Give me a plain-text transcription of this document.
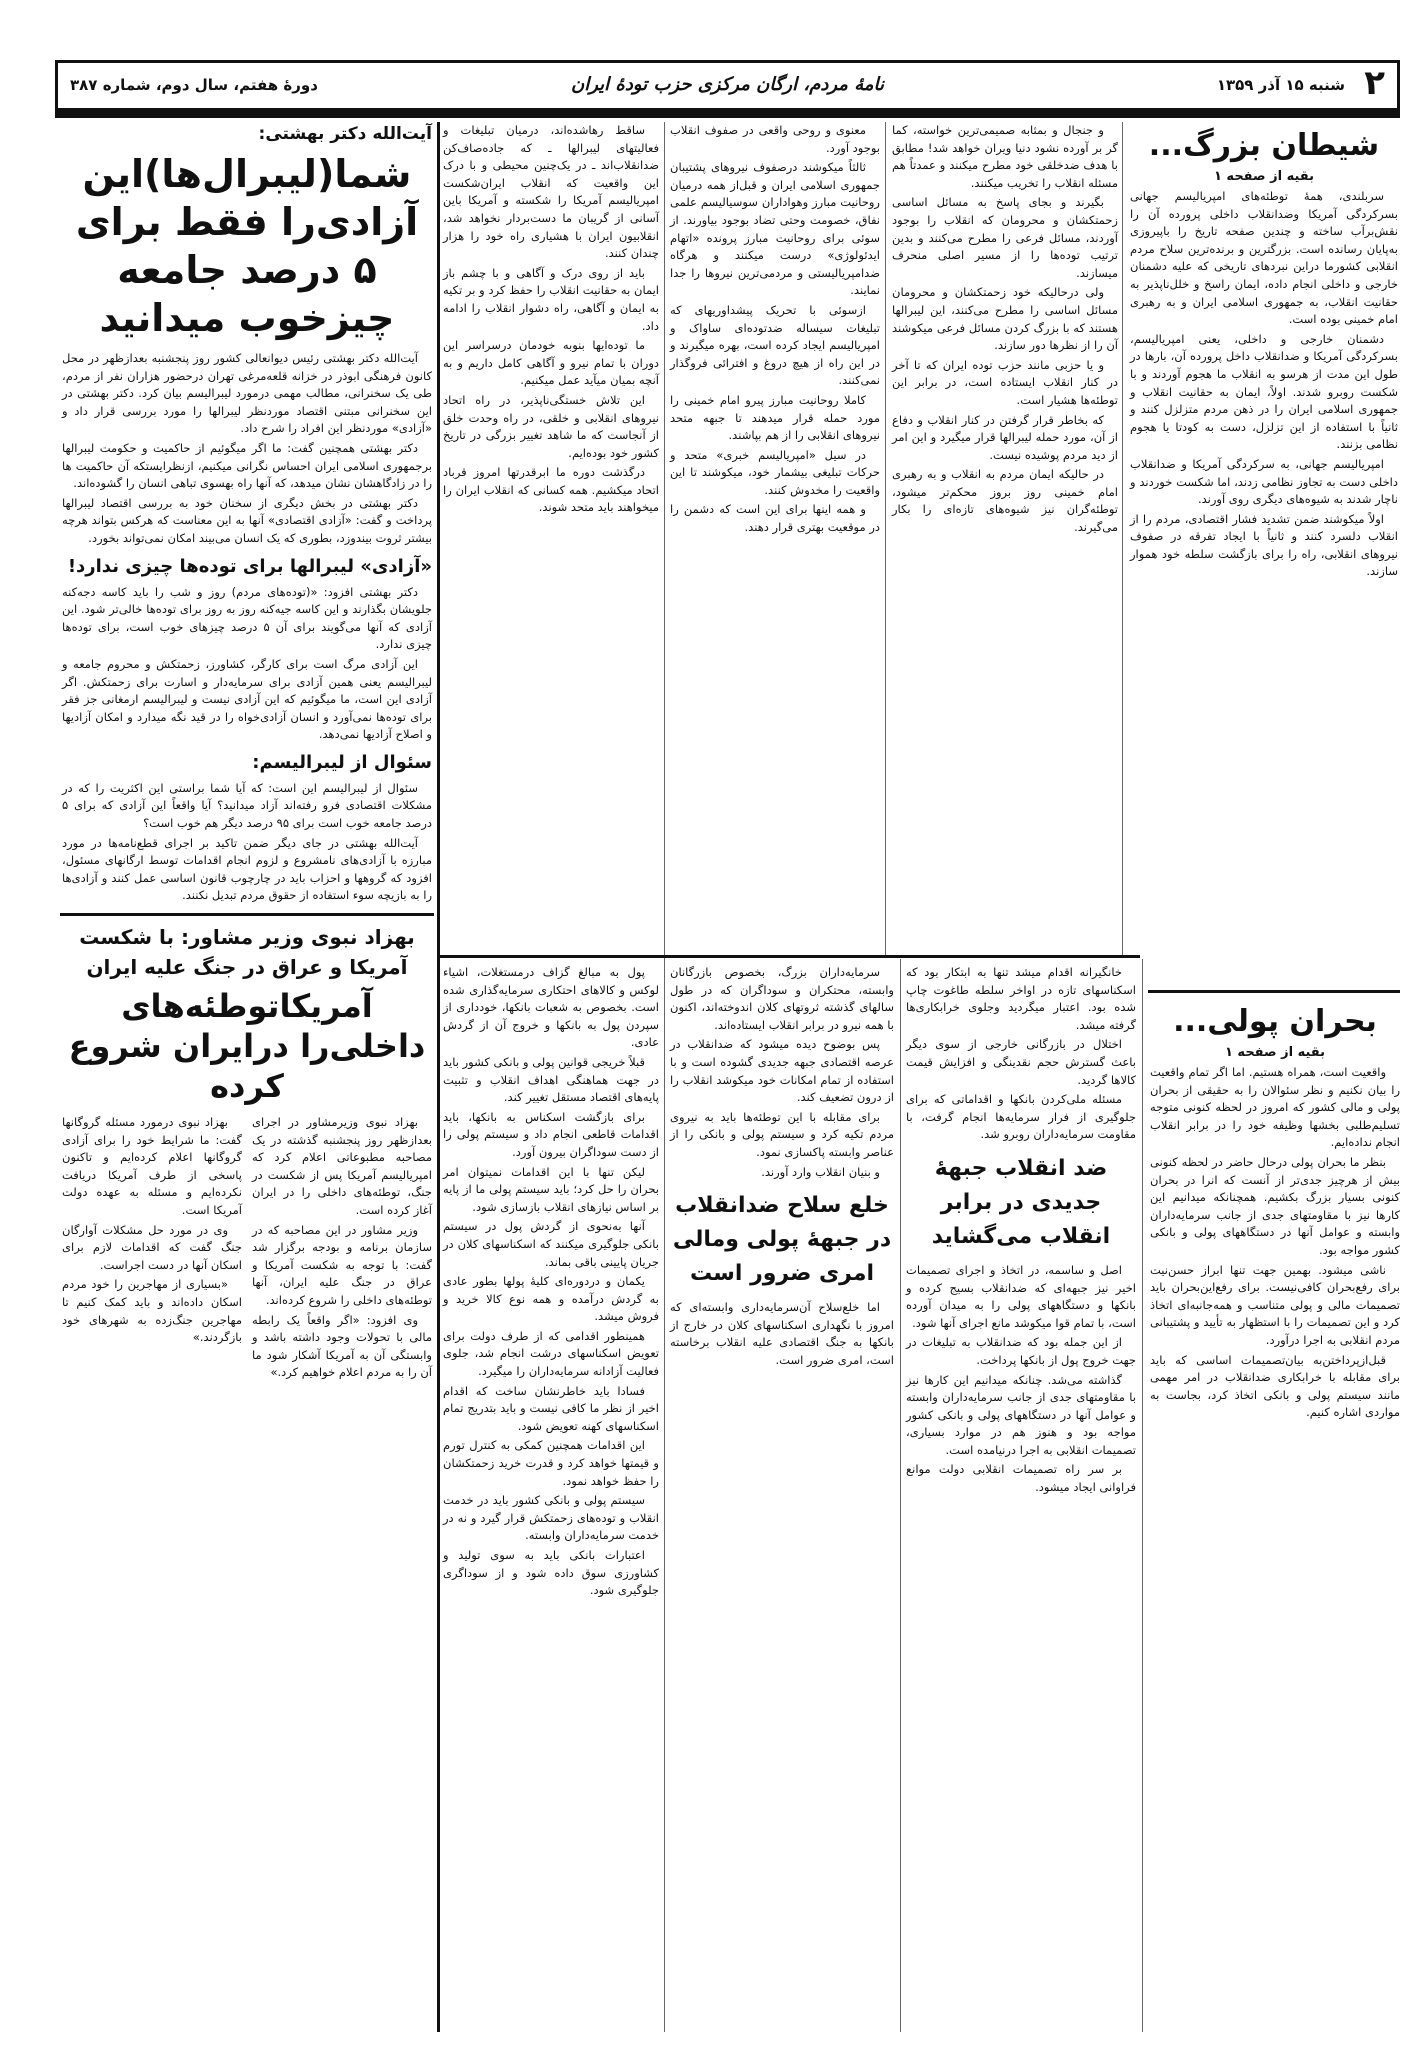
۲
شنبه ۱۵ آذر ۱۳۵۹
نامهٔ مردم، ارگان مرکزی حزب تودهٔ ایران
دورهٔ هفتم، سال دوم، شماره ۳۸۷
آیت‌الله دکتر بهشتی:
شما(لیبرال‌ها)این آزادی‌را فقط برای ۵ درصد جامعه چیزخوب میدانید

آیت‌الله دکتر بهشتی رئیس دیوانعالی کشور روز پنجشنبه بعدازظهر در محل کانون فرهنگی ابوذر در خزانه قلعه‌مرغی تهران درحضور هزاران نفر از مردم، طی یک سخنرانی، مطالب مهمی درمورد لیبرالیسم بیان کرد. دکتر بهشتی در این سخنرانی مبتنی اقتصاد موردنظر لیبرالها را مورد بررسی قرار داد و «آزادی» موردنظر این افراد را شرح داد.

دکتر بهشتی همچنین گفت: ما اگر میگوئیم از حاکمیت و حکومت لیبرالها برجمهوری اسلامی ایران احساس نگرانی میکنیم، ازنظرایستکه آن حاکمیت ها را در زادگاهشان نشان میدهد، که آنها راه بهسوی تباهی انسان را گشوده‌اند.

دکتر بهشتی در بخش دیگری از سخنان خود به بررسی اقتصاد لیبرالها پرداخت و گفت: «آزادی اقتصادی» آنها به این معناست که هرکس بتواند هرچه بیشتر ثروت بیندوزد، بطوری که یک انسان می‌بیند امکان نمی‌تواند بخورد.

«آزادی» لیبرالها برای توده‌ها چیزی ندارد!

دکتر بهشتی افزود: «(توده‌های مردم) روز و شب را باید کاسه دجه‌کنه جلویشان بگذارند و این کاسه جیه‌کنه روز به روز برای توده‌ها خالی‌تر شود. این آزادی که آنها می‌گویند برای آن ۵ درصد چیزهای خوب است، برای توده‌ها چیزی ندارد.

این آزادی مرگ است برای کارگر، کشاورز، زحمتکش و محروم جامعه و لیبرالیسم یعنی همین آزادی برای سرمایه‌دار و اسارت برای زحمتکش. اگر آزادی این است، ما میگوئیم که این آزادی نیست و لیبرالیسم ارمغانی جز فقر برای توده‌ها نمی‌آورد و انسان آزادی‌خواه را در قید نگه میدارد و امکان آزادیها و اصلاح آزادیها نمی‌دهد.

سئوال از لیبرالیسم:

سئوال از لیبرالیسم این است: که آیا شما براستی این اکثریت را که در مشکلات اقتصادی فرو رفته‌اند آزاد میدانید؟ آیا واقعاً این آزادی که برای ۵ درصد جامعه خوب است برای ۹۵ درصد دیگر هم خوب است؟

آیت‌الله بهشتی در جای دیگر ضمن تاکید بر اجرای قطع‌نامه‌ها در مورد مبارزه با آزادی‌های نامشروع و لزوم انجام اقدامات توسط ارگانهای مسئول، افزود که گروهها و احزاب باید در چارچوب قانون اساسی عمل کنند و آزادی‌ها را به بازیچه سوء استفاده از حقوق مردم تبدیل نکنند.

بهزاد نبوی وزیر مشاور: با شکست آمریکا و عراق در جنگ علیه ایران
آمریکاتوطئه‌های داخلی‌را درایران شروع کرده

بهزاد نبوی وزیرمشاور در اجرای بعدازظهر روز پنجشنبه گذشته در یک مصاحبه مطبوعاتی اعلام کرد که امپریالیسم آمریکا پس از شکست در جنگ، توطئه‌های داخلی را در ایران آغاز کرده است.

وزیر مشاور در این مصاحبه که در سازمان برنامه و بودجه برگزار شد گفت: با توجه به شکست آمریکا و عراق در جنگ علیه ایران، آنها توطئه‌های داخلی را شروع کرده‌اند.

وی افزود: «اگر واقعاً یک رابطه مالی با تحولات وجود داشته باشد و وابستگی آن به آمریکا آشکار شود ما آن را به مردم اعلام خواهیم کرد.»

بهزاد نبوی درمورد مسئله گروگانها گفت: ما شرایط خود را برای آزادی گروگانها اعلام کرده‌ایم و تاکنون پاسخی از طرف آمریکا دریافت نکرده‌ایم و مسئله به عهده دولت آمریکا است.

وی در مورد حل مشکلات آوارگان جنگ گفت که اقدامات لازم برای اسکان آنها در دست اجراست.

«بسیاری از مهاجرین را خود مردم اسکان داده‌اند و باید کمک کنیم تا مهاجرین جنگ‌زده به شهرهای خود بازگردند.»

شیطان بزرگ...
بقیه از صفحه ۱

سربلندی، همهٔ توطئه‌های امپریالیسم جهانی بسرکردگی آمریکا وضدانقلاب داخلی پرورده آن را نقش‌برآب ساخته و چندین صفحه تاریخ را باپیروزی به‌پایان رسانده است. بزرگترین و برنده‌ترین سلاح مردم انقلابی کشورما دراین نبردهای تاریخی که علیه دشمنان خارجی و داخلی انجام داده، ایمان راسخ و خلل‌ناپذیر به حقانیت انقلاب، به جمهوری اسلامی ایران و به رهبری امام خمینی بوده است.

دشمنان خارجی و داخلی، یعنی امپریالیسم، بسرکردگی آمریکا و ضدانقلاب داخل پرورده آن، بارها در طول این مدت از هرسو به انقلاب ما هجوم آوردند و با شکست روبرو شدند. اولاً، ایمان به حقانیت انقلاب و جمهوری اسلامی ایران را در ذهن مردم متزلزل کنند و ثانیاً با استفاده از این تزلزل، دست به کودتا یا هجوم نظامی بزنند.

امپریالیسم جهانی، به سرکردگی آمریکا و ضدانقلاب داخلی دست به تجاوز نظامی زدند، اما شکست خوردند و ناچار شدند به شیوه‌های دیگری روی آورند.

اولاً میکوشند ضمن تشدید فشار اقتصادی، مردم را از انقلاب دلسرد کنند و ثانیاً با ایجاد تفرقه در صفوف نیروهای انقلابی، راه را برای بازگشت سلطه خود هموار سازند.

و جنجال و بمثابه صمیمی‌ترین خواسته، کما گر بر آورده نشود دنیا ویران خواهد شد! مطابق با هدف ضدخلقی خود مطرح میکنند و عمدتاً هم مسئله انقلاب را تخریب میکنند.

بگیرند و بجای پاسخ به مسائل اساسی زحمتکشان و محرومان که انقلاب را بوجود آوردند، مسائل فرعی را مطرح می‌کنند و بدین ترتیب توده‌ها را از مسیر اصلی منحرف میسازند.

ولی درحالیکه خود زحمتکشان و محرومان مسائل اساسی را مطرح می‌کنند، این لیبرالها هستند که با بزرگ کردن مسائل فرعی میکوشند آن را از نظرها دور سازند.

و یا حزبی مانند حزب توده ایران که تا آخر در کنار انقلاب ایستاده است، در برابر این توطئه‌ها هشیار است.

که بخاطر قرار گرفتن در کنار انقلاب و دفاع از آن، مورد حمله لیبرالها قرار میگیرد و این امر از دید مردم پوشیده نیست.

در حالیکه ایمان مردم به انقلاب و به رهبری امام خمینی روز بروز محکم‌تر میشود، توطئه‌گران نیز شیوه‌های تازه‌ای را بکار می‌گیرند.

معنوی و روحی واقعی در صفوف انقلاب بوجود آورد.

ثالثاً میکوشند درصفوف نیروهای پشتیبان جمهوری اسلامی ایران و قبل‌از همه درمیان روحانیت مبارز وهواداران سوسیالیسم علمی نفاق، خصومت وحتی تضاد بوجود بیاورند. از سوئی برای روحانیت مبارز پرونده «اتهام ایدئولوژی» درست میکنند و هرگاه ضدامپریالیستی و مردمی‌ترین نیروها را جدا نمایند.

ازسوئی با تحریک پیشداوریهای که تبلیغات سیساله ضدتوده‌ای ساواک و امپریالیسم ایجاد کرده است، بهره میگیرند و در این راه از هیچ دروغ و افترائی فروگذار نمی‌کنند.

کاملا روحانیت مبارز پیرو امام خمینی را مورد حمله قرار میدهند تا جبهه متحد نیروهای انقلابی را از هم بپاشند.

در سیل «امپریالیسم خبری» متحد و حرکات تبلیغی بیشمار خود، میکوشند تا این واقعیت را مخدوش کنند.

و همه اینها برای این است که دشمن را در موقعیت بهتری قرار دهند.

ساقط رهاشده‌اند، درمیان تبلیغات و فعالیتهای لیبرالها ـ که جاده‌صاف‌کن ضدانقلاب‌اند ـ در یک‌چنین محیطی و با درک این واقعیت که انقلاب ایران‌شکست امپریالیسم آمریکا را شکسته و آمریکا باین آسانی از گریبان ما دست‌بردار نخواهد شد، انقلابیون ایران با هشیاری راه خود را هزار چندان کنند.

باید از روی درک و آگاهی و با چشم باز ایمان به حقانیت انقلاب را حفظ کرد و بر تکیه به ایمان و آگاهی، راه دشوار انقلاب را ادامه داد.

ما توده‌ایها بنوبه خودمان درسراسر این دوران با تمام نیرو و آگاهی کامل داریم و به آنچه بمیان میآید عمل میکنیم.

این تلاش خستگی‌ناپذیر، در راه اتحاد نیروهای انقلابی و خلقی، در راه وحدت خلق از آنجاست که ما شاهد تغییر بزرگی در تاریخ کشور خود بوده‌ایم.

درگذشت دوره ما ابرقدرتها امروز قرباد اتحاد میکشیم. همه کسانی که انقلاب ایران را میخواهند باید متحد شوند.

بحران پولی...
بقیه از صفحه ۱

واقعیت است، همراه هستیم. اما اگر تمام واقعیت را بیان نکنیم و نظر سئوالان را به حقیقی از بحران پولی و مالی کشور که امروز در لحظه کنونی متوجه تسلیم‌طلبی بخشها وظیفه خود را در برابر انقلاب انجام نداده‌ایم.

بنظر ما بحران پولی درحال حاضر در لحظه کنونی بیش از هرچیز جدی‌تر از آنست که انرا در بحران کنونی بسیار بزرگ بکشیم. همچنانکه میدانیم این کارها نیز با مقاومتهای جدی از جانب سرمایه‌داران وابسته و عوامل آنها در دستگاههای پولی و بانکی کشور مواجه بود.

ناشی میشود. بهمین جهت تنها ابراز حسن‌نیت برای رفع‌بحران کافی‌نیست. برای رفع‌این‌بحران باید تصمیمات مالی و پولی متناسب و همه‌جانبه‌ای اتخاذ کرد و این تصمیمات را با استظهار به تأیید و پشتیبانی مردم انقلابی به اجرا درآورد.

قبل‌ازپرداختن‌به بیان‌تصمیمات اساسی که باید برای مقابله با خرابکاری ضدانقلاب در امر مهمی مانند سیستم پولی و بانکی اتخاذ کرد، بجاست به مواردی اشاره کنیم.

خانگیرانه اقدام میشد تنها به ابتکار بود که اسکناسهای تازه در اواخر سلطه طاغوت چاپ شده بود. اعتبار میگردید وجلوی خرابکاری‌ها گرفته میشد.

اختلال در بازرگانی خارجی از سوی دیگر باعث گسترش حجم نقدینگی و افزایش قیمت کالاها گردید.

مسئله ملی‌کردن بانکها و اقداماتی که برای جلوگیری از فرار سرمایه‌ها انجام گرفت، با مقاومت سرمایه‌داران روبرو شد.

ضد انقلاب جبههٔ جدیدی در برابر انقلاب می‌گشاید

اصل و ساسمه، در اتخاذ و اجرای تصمیمات اخیر نیز جبهه‌ای که ضدانقلاب بسیج کرده و بانکها و دستگاههای پولی را به میدان آورده است، با تمام قوا میکوشد مانع اجرای آنها شود.

از این جمله بود که ضدانقلاب به تبلیغات در جهت خروج پول از بانکها پرداخت.

گذاشته می‌شد. چنانکه میدانیم این کارها نیز با مقاومتهای جدی از جانب سرمایه‌داران وابسته و عوامل آنها در دستگاههای پولی و بانکی کشور مواجه بود و هنوز هم در موارد بسیاری، تصمیمات انقلابی به اجرا درنیامده است.

بر سر راه تصمیمات انقلابی دولت موانع فراوانی ایجاد میشود.

سرمایه‌داران بزرگ، بخصوص بازرگانان وابسته، محتکران و سوداگران که در طول سالهای گذشته ثروتهای کلان اندوخته‌اند، اکنون با همه نیرو در برابر انقلاب ایستاده‌اند.

پس بوضوح دیده میشود که ضدانقلاب در عرصه اقتصادی جبهه جدیدی گشوده است و با استفاده از تمام امکانات خود میکوشد انقلاب را از درون تضعیف کند.

برای مقابله با این توطئه‌ها باید به نیروی مردم تکیه کرد و سیستم پولی و بانکی را از عناصر وابسته پاکسازی نمود.

و بنیان انقلاب وارد آورند.

خلع سلاح ضدانقلاب در جبههٔ پولی ومالی امری ضرور است

اما خلع‌سلاح آن‌سرمایه‌داری وابسته‌ای که امروز با نگهداری اسکناسهای کلان در خارج از بانکها به جنگ اقتصادی علیه انقلاب برخاسته است، امری ضرور است.

پول به مبالغ گزاف درمستغلات، اشیاء لوکس و کالاهای احتکاری سرمایه‌گذاری شده است. بخصوص به شعبات بانکها، خودداری از سپردن پول به بانکها و خروج آن از گردش عادی.

قبلاً خریجی قوانین پولی و بانکی کشور باید در جهت هماهنگی اهداف انقلاب و تثبیت پایه‌های اقتصاد مستقل تغییر کند.

برای بازگشت اسکناس به بانکها، باید اقدامات قاطعی انجام داد و سیستم پولی را از دست سوداگران بیرون آورد.

لیکن تنها با این اقدامات نمیتوان امر بحران را حل کرد؛ باید سیستم پولی ما از پایه بر اساس نیازهای انقلاب بازسازی شود.

آنها به‌نحوی از گردش پول در سیستم بانکی جلوگیری میکنند که اسکناسهای کلان در جریان پایینی باقی بماند.

یکمان و دردوره‌ای کلیهٔ پولها بطور عادی به گردش درآمده و همه نوع کالا خرید و فروش میشد.

همینطور اقدامی که از طرف دولت برای تعویض اسکناسهای درشت انجام شد، جلوی فعالیت آزادانه سرمایه‌داران را میگیرد.

فسادا باید خاطرنشان ساخت که اقدام اخیر از نظر ما کافی نیست و باید بتدریج تمام اسکناسهای کهنه تعویض شود.

این اقدامات همچنین کمکی به کنترل تورم و قیمتها خواهد کرد و قدرت خرید زحمتکشان را حفظ خواهد نمود.

سیستم پولی و بانکی کشور باید در خدمت انقلاب و توده‌های زحمتکش قرار گیرد و نه در خدمت سرمایه‌داران وابسته.

اعتبارات بانکی باید به سوی تولید و کشاورزی سوق داده شود و از سوداگری جلوگیری شود.
